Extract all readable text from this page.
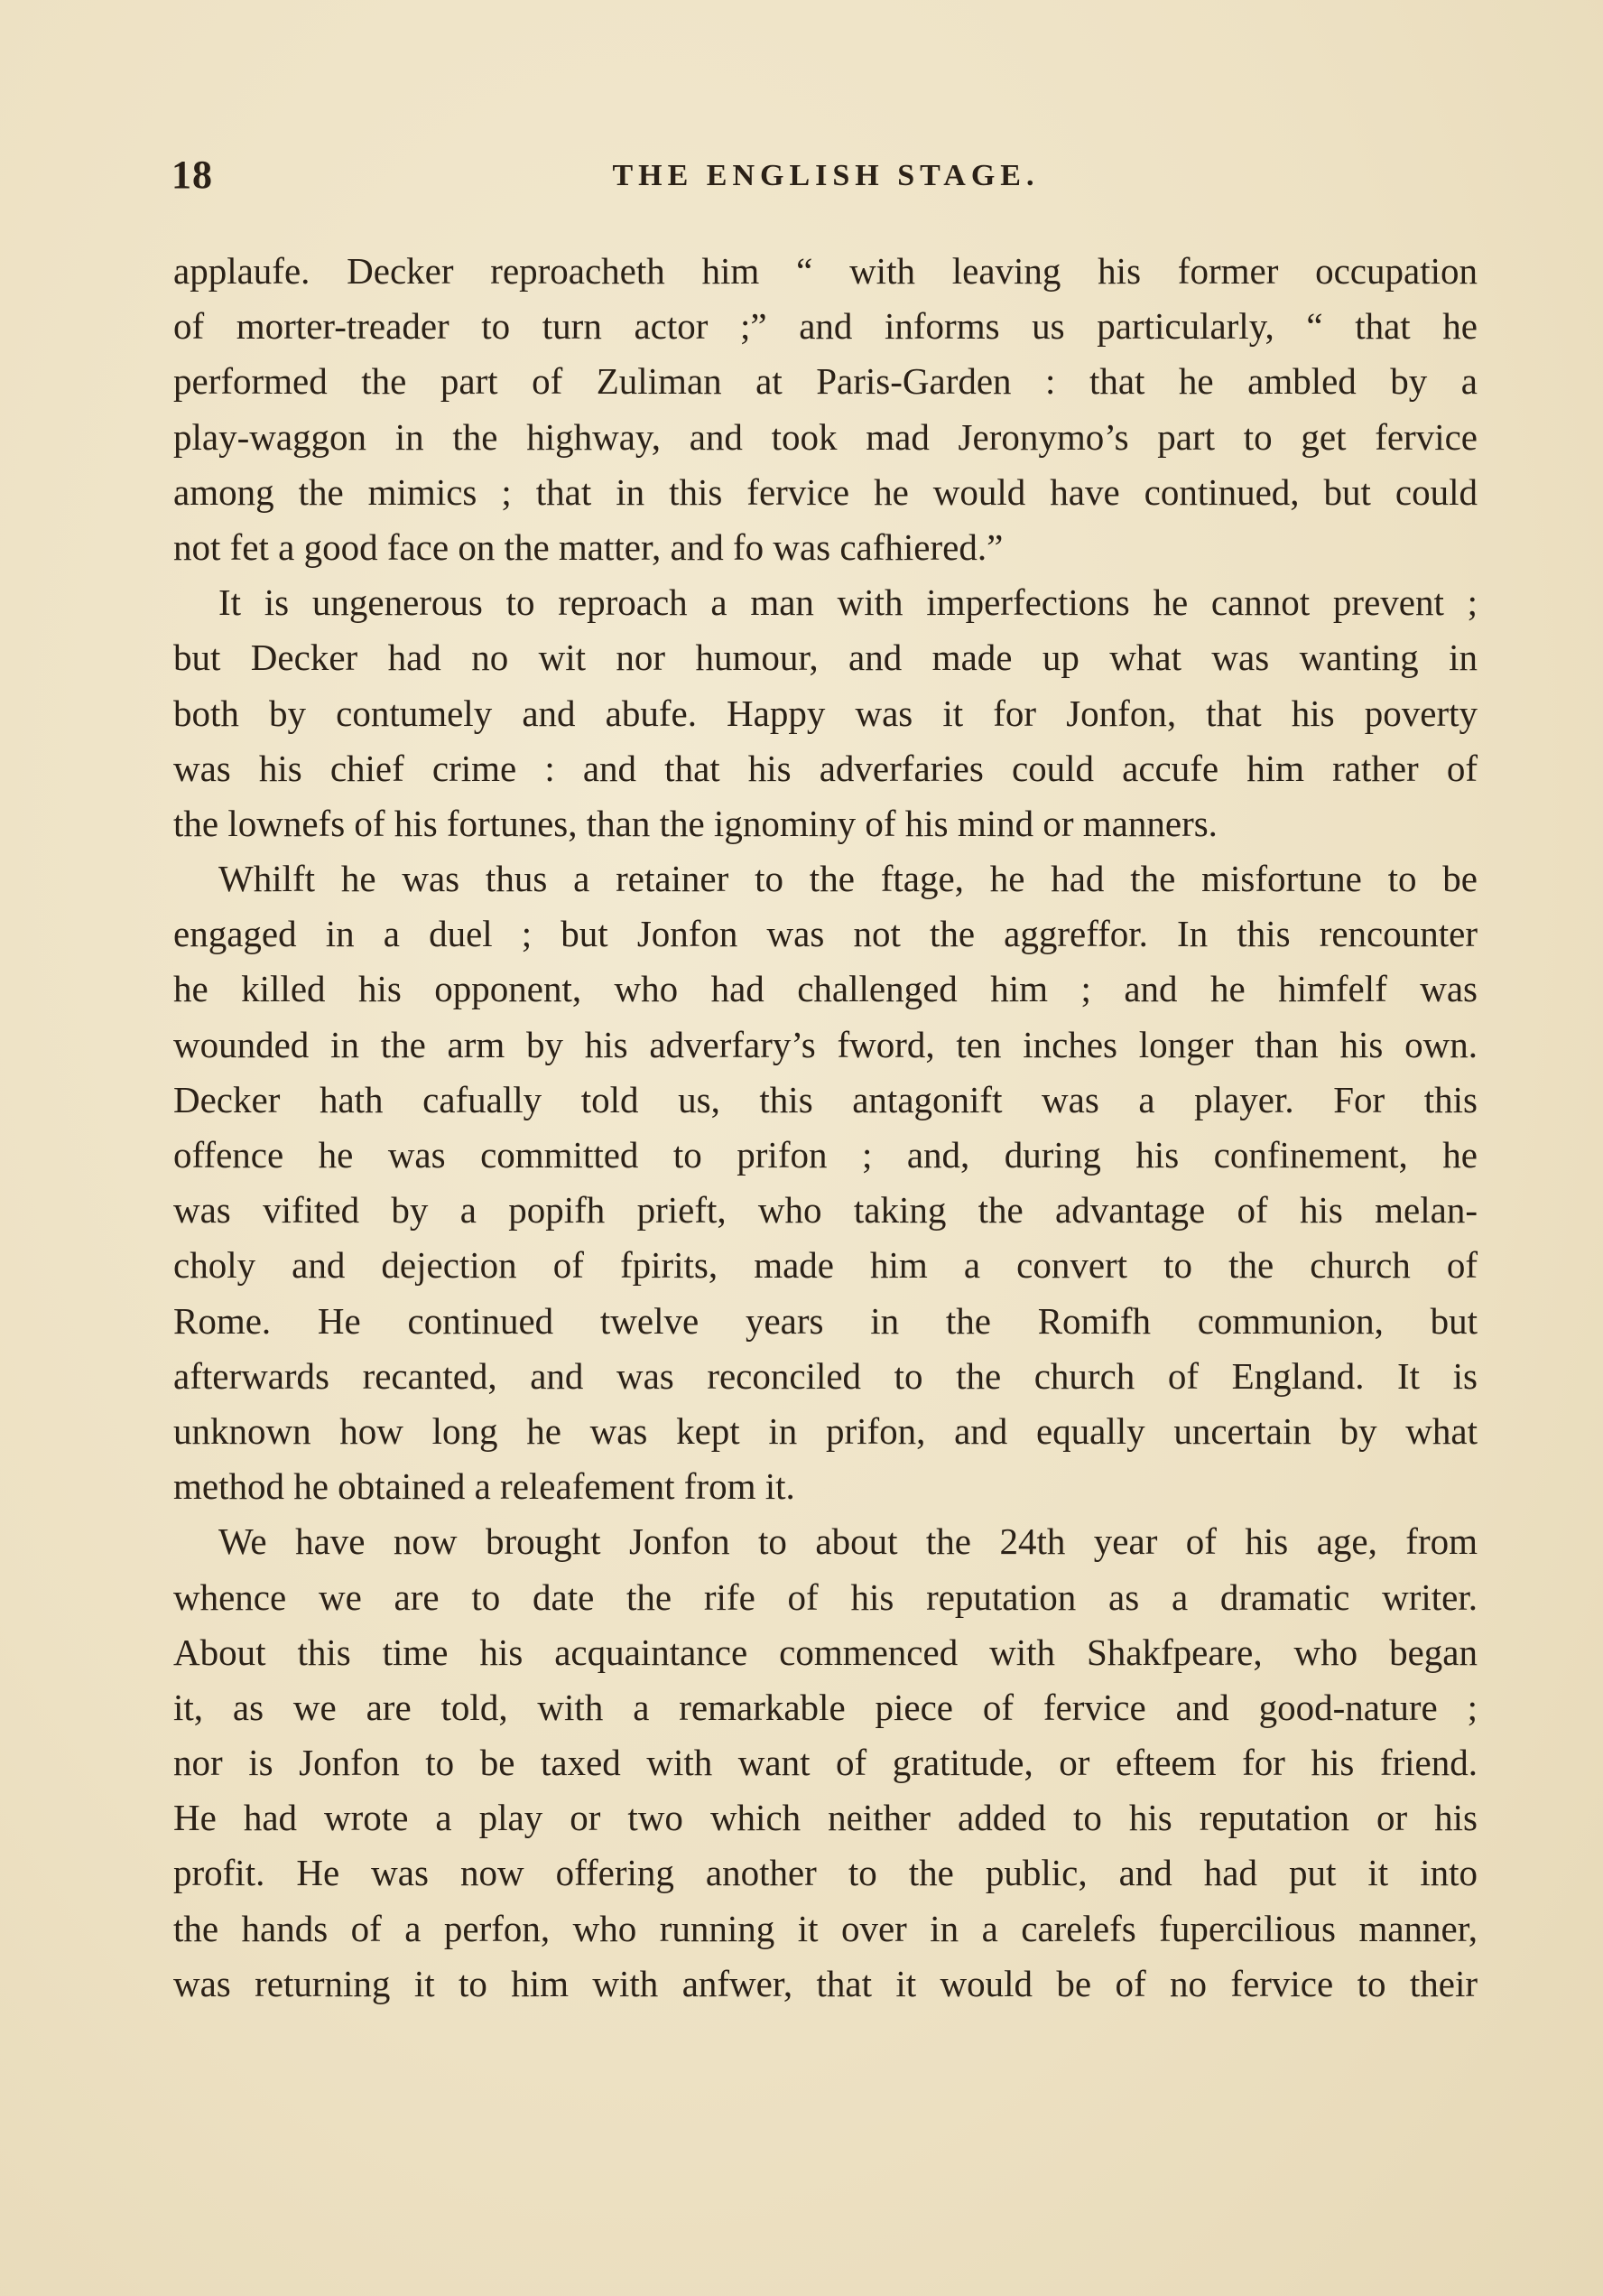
18	THE ENGLISH STAGE.
applaufe. Decker reproacheth him “ with leaving his former occupation
of morter-treader to turn actor ;” and informs us particularly, “ that he
performed the part of Zuliman at Paris-Garden : that he ambled by a
play-waggon in the highway, and took mad Jeronymo’s part to get fervice
among the mimics ; that in this fervice he would have continued, but could
not fet a good face on the matter, and fo was cafhiered.”
It is ungenerous to reproach a man with imperfections he cannot prevent ;
but Decker had no wit nor humour, and made up what was wanting in
both by contumely and abufe. Happy was it for Jonfon, that his poverty
was his chief crime : and that his adverfaries could accufe him rather of
the lownefs of his fortunes, than the ignominy of his mind or manners.
Whilft he was thus a retainer to the ftage, he had the misfortune to be
engaged in a duel ; but Jonfon was not the aggreffor. In this rencounter
he killed his opponent, who had challenged him ; and he himfelf was
wounded in the arm by his adverfary’s fword, ten inches longer than his own.
Decker hath cafually told us, this antagonift was a player. For this
offence he was committed to prifon ; and, during his confinement, he
was vifited by a popifh prieft, who taking the advantage of his melan-
choly and dejection of fpirits, made him a convert to the church of
Rome. He continued twelve years in the Romifh communion, but
afterwards recanted, and was reconciled to the church of England. It is
unknown how long he was kept in prifon, and equally uncertain by what
method he obtained a releafement from it.
We have now brought Jonfon to about the 24th year of his age, from
whence we are to date the rife of his reputation as a dramatic writer.
About this time his acquaintance commenced with Shakfpeare, who began
it, as we are told, with a remarkable piece of fervice and good-nature ;
nor is Jonfon to be taxed with want of gratitude, or efteem for his friend.
He had wrote a play or two which neither added to his reputation or his
profit. He was now offering another to the public, and had put it into
the hands of a perfon, who running it over in a carelefs fupercilious manner,
was returning it to him with anfwer, that it would be of no fervice to their
